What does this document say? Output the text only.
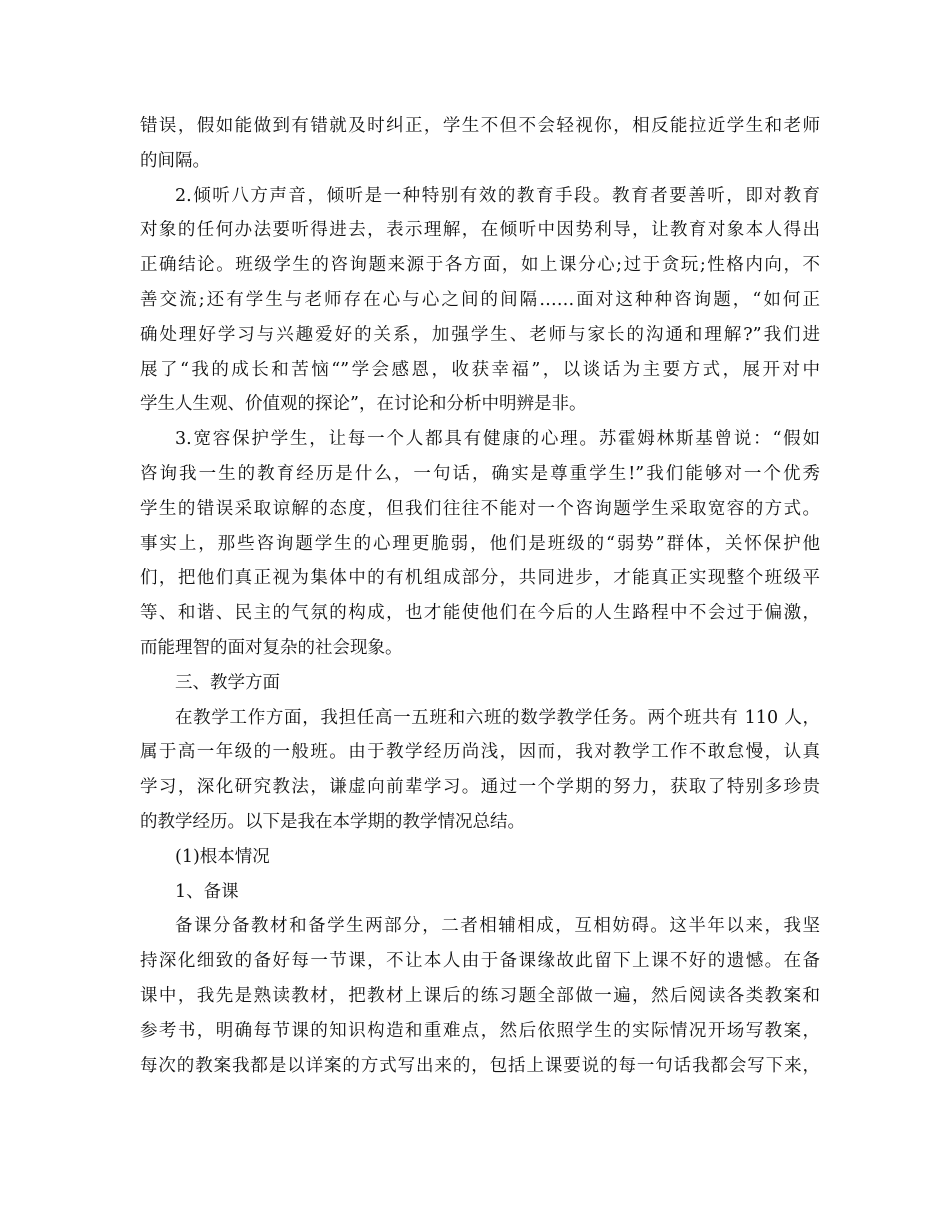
错误，假如能做到有错就及时纠正，学生不但不会轻视你，相反能拉近学生和老师
的间隔。
2.倾听八方声音，倾听是一种特别有效的教育手段。教育者要善听，即对教育
对象的任何办法要听得进去，表示理解，在倾听中因势利导，让教育对象本人得出
正确结论。班级学生的咨询题来源于各方面，如上课分心;过于贪玩;性格内向，不
善交流;还有学生与老师存在心与心之间的间隔……面对这种种咨询题，“如何正
确处理好学习与兴趣爱好的关系，加强学生、老师与家长的沟通和理解?”我们进
展了“我的成长和苦恼“”学会感恩，收获幸福”，以谈话为主要方式，展开对中
学生人生观、价值观的探论”，在讨论和分析中明辨是非。
3.宽容保护学生，让每一个人都具有健康的心理。苏霍姆林斯基曾说：“假如
咨询我一生的教育经历是什么，一句话，确实是尊重学生!”我们能够对一个优秀
学生的错误采取谅解的态度，但我们往往不能对一个咨询题学生采取宽容的方式。
事实上，那些咨询题学生的心理更脆弱，他们是班级的“弱势”群体，关怀保护他
们，把他们真正视为集体中的有机组成部分，共同进步，才能真正实现整个班级平
等、和谐、民主的气氛的构成，也才能使他们在今后的人生路程中不会过于偏激，
而能理智的面对复杂的社会现象。
三、教学方面
在教学工作方面，我担任高一五班和六班的数学教学任务。两个班共有 110 人，
属于高一年级的一般班。由于教学经历尚浅，因而，我对教学工作不敢怠慢，认真
学习，深化研究教法，谦虚向前辈学习。通过一个学期的努力，获取了特别多珍贵
的教学经历。以下是我在本学期的教学情况总结。
(1)根本情况
1、备课
备课分备教材和备学生两部分，二者相辅相成，互相妨碍。这半年以来，我坚
持深化细致的备好每一节课，不让本人由于备课缘故此留下上课不好的遗憾。在备
课中，我先是熟读教材，把教材上课后的练习题全部做一遍，然后阅读各类教案和
参考书，明确每节课的知识构造和重难点，然后依照学生的实际情况开场写教案，
每次的教案我都是以详案的方式写出来的，包括上课要说的每一句话我都会写下来，
